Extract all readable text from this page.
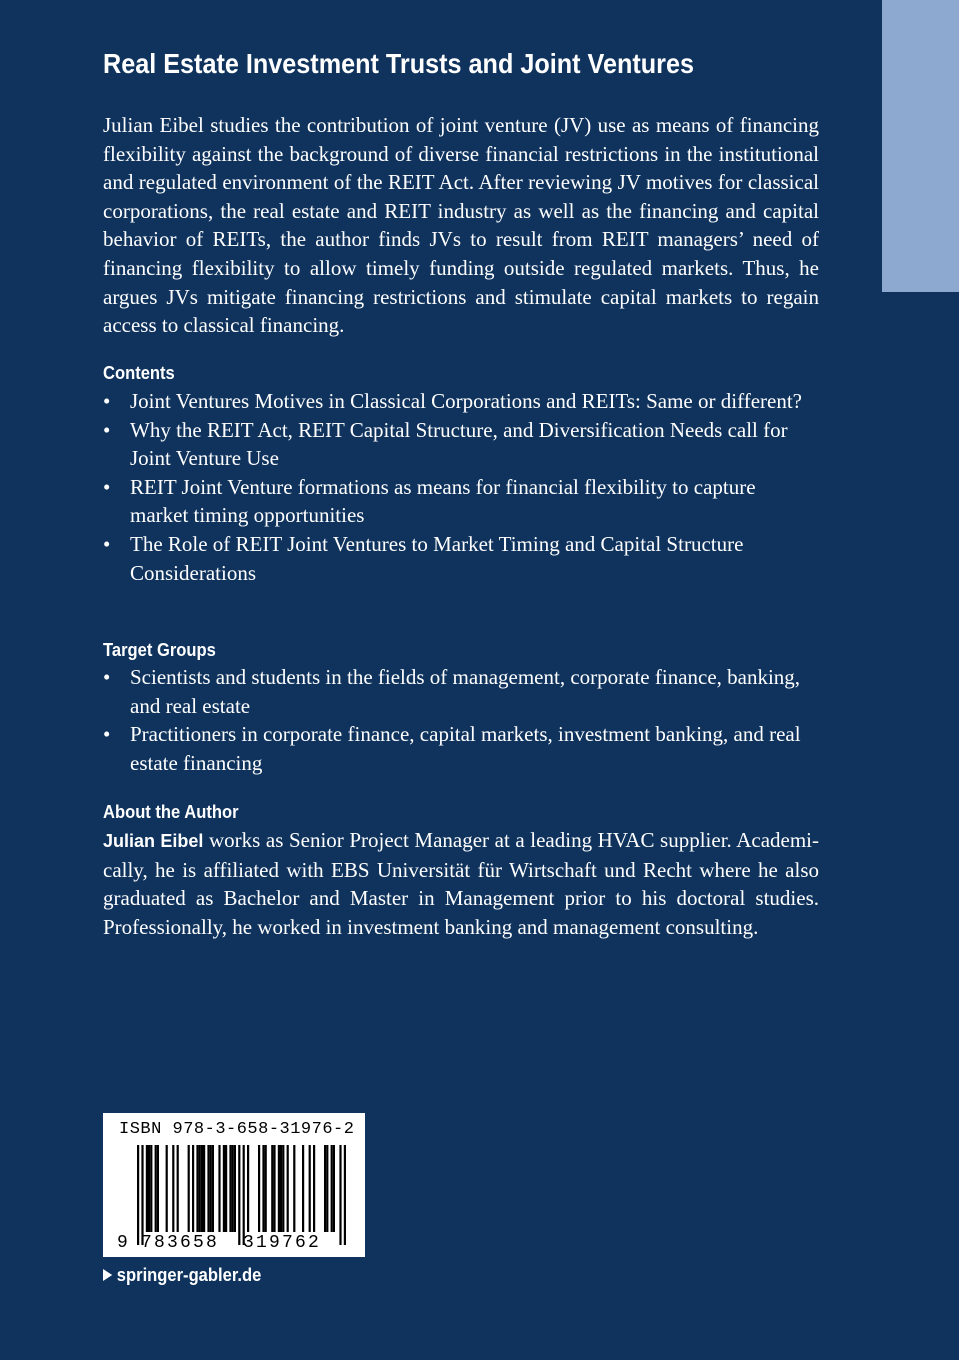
Real Estate Investment Trusts and Joint Ventures

Julian Eibel studies the contribution of joint venture (JV) use as means of financing flexibility against the background of diverse financial restrictions in the institutional and regulated environment of the REIT Act. After reviewing JV motives for classical corporations, the real estate and REIT industry as well as the financing and capital behavior of REITs, the author finds JVs to result from REIT managers’ need of financing flexibility to allow timely funding outside regulated markets. Thus, he argues JVs mitigate financing restrictions and stimulate capital markets to regain access to classical financing.

Contents
• Joint Ventures Motives in Classical Corporations and REITs: Same or different?
• Why the REIT Act, REIT Capital Structure, and Diversification Needs call for Joint Venture Use
• REIT Joint Venture formations as means for financial flexibility to capture market timing opportunities
• The Role of REIT Joint Ventures to Market Timing and Capital Structure Considerations
Target Groups
• Scientists and students in the fields of management, corporate finance, banking, and real estate
• Practitioners in corporate finance, capital markets, investment banking, and real estate financing
About the Author

Julian Eibel works as Senior Project Manager at a leading HVAC supplier. Academically, he is affiliated with EBS Universität für Wirtschaft und Recht where he also graduated as Bachelor and Master in Management prior to his doctoral studies. Professionally, he worked in investment banking and management consulting.

ISBN 978-3-658-31976-2
9 783658 319762
springer-gabler.de
